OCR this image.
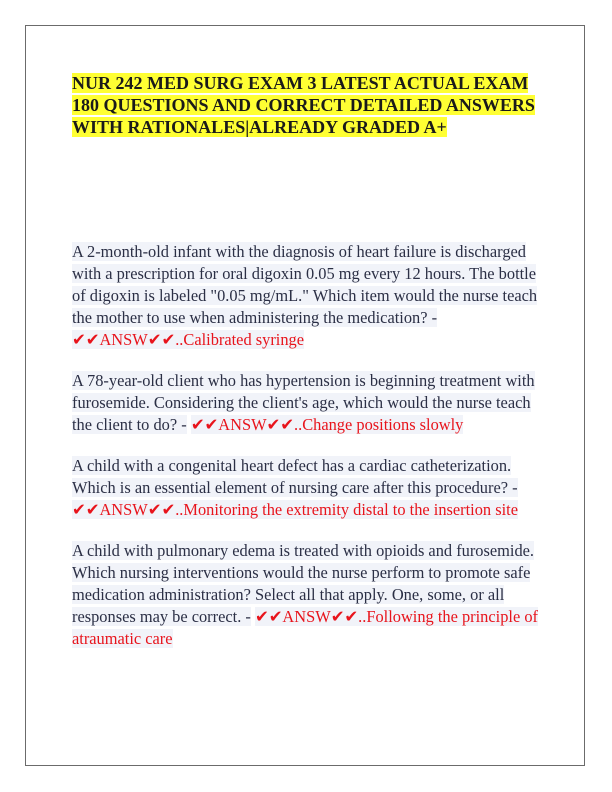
NUR 242 MED SURG EXAM 3 LATEST ACTUAL EXAM 180 QUESTIONS AND CORRECT DETAILED ANSWERS WITH RATIONALES|ALREADY GRADED A+

A 2-month-old infant with the diagnosis of heart failure is discharged with a prescription for oral digoxin 0.05 mg every 12 hours. The bottle of digoxin is labeled "0.05 mg/mL." Which item would the nurse teach the mother to use when administering the medication? - ✔✔ANSW✔✔..Calibrated syringe

A 78-year-old client who has hypertension is beginning treatment with furosemide. Considering the client's age, which would the nurse teach the client to do? - ✔✔ANSW✔✔..Change positions slowly

A child with a congenital heart defect has a cardiac catheterization. Which is an essential element of nursing care after this procedure? - ✔✔ANSW✔✔..Monitoring the extremity distal to the insertion site

A child with pulmonary edema is treated with opioids and furosemide. Which nursing interventions would the nurse perform to promote safe medication administration? Select all that apply. One, some, or all responses may be correct. - ✔✔ANSW✔✔..Following the principle of atraumatic care
